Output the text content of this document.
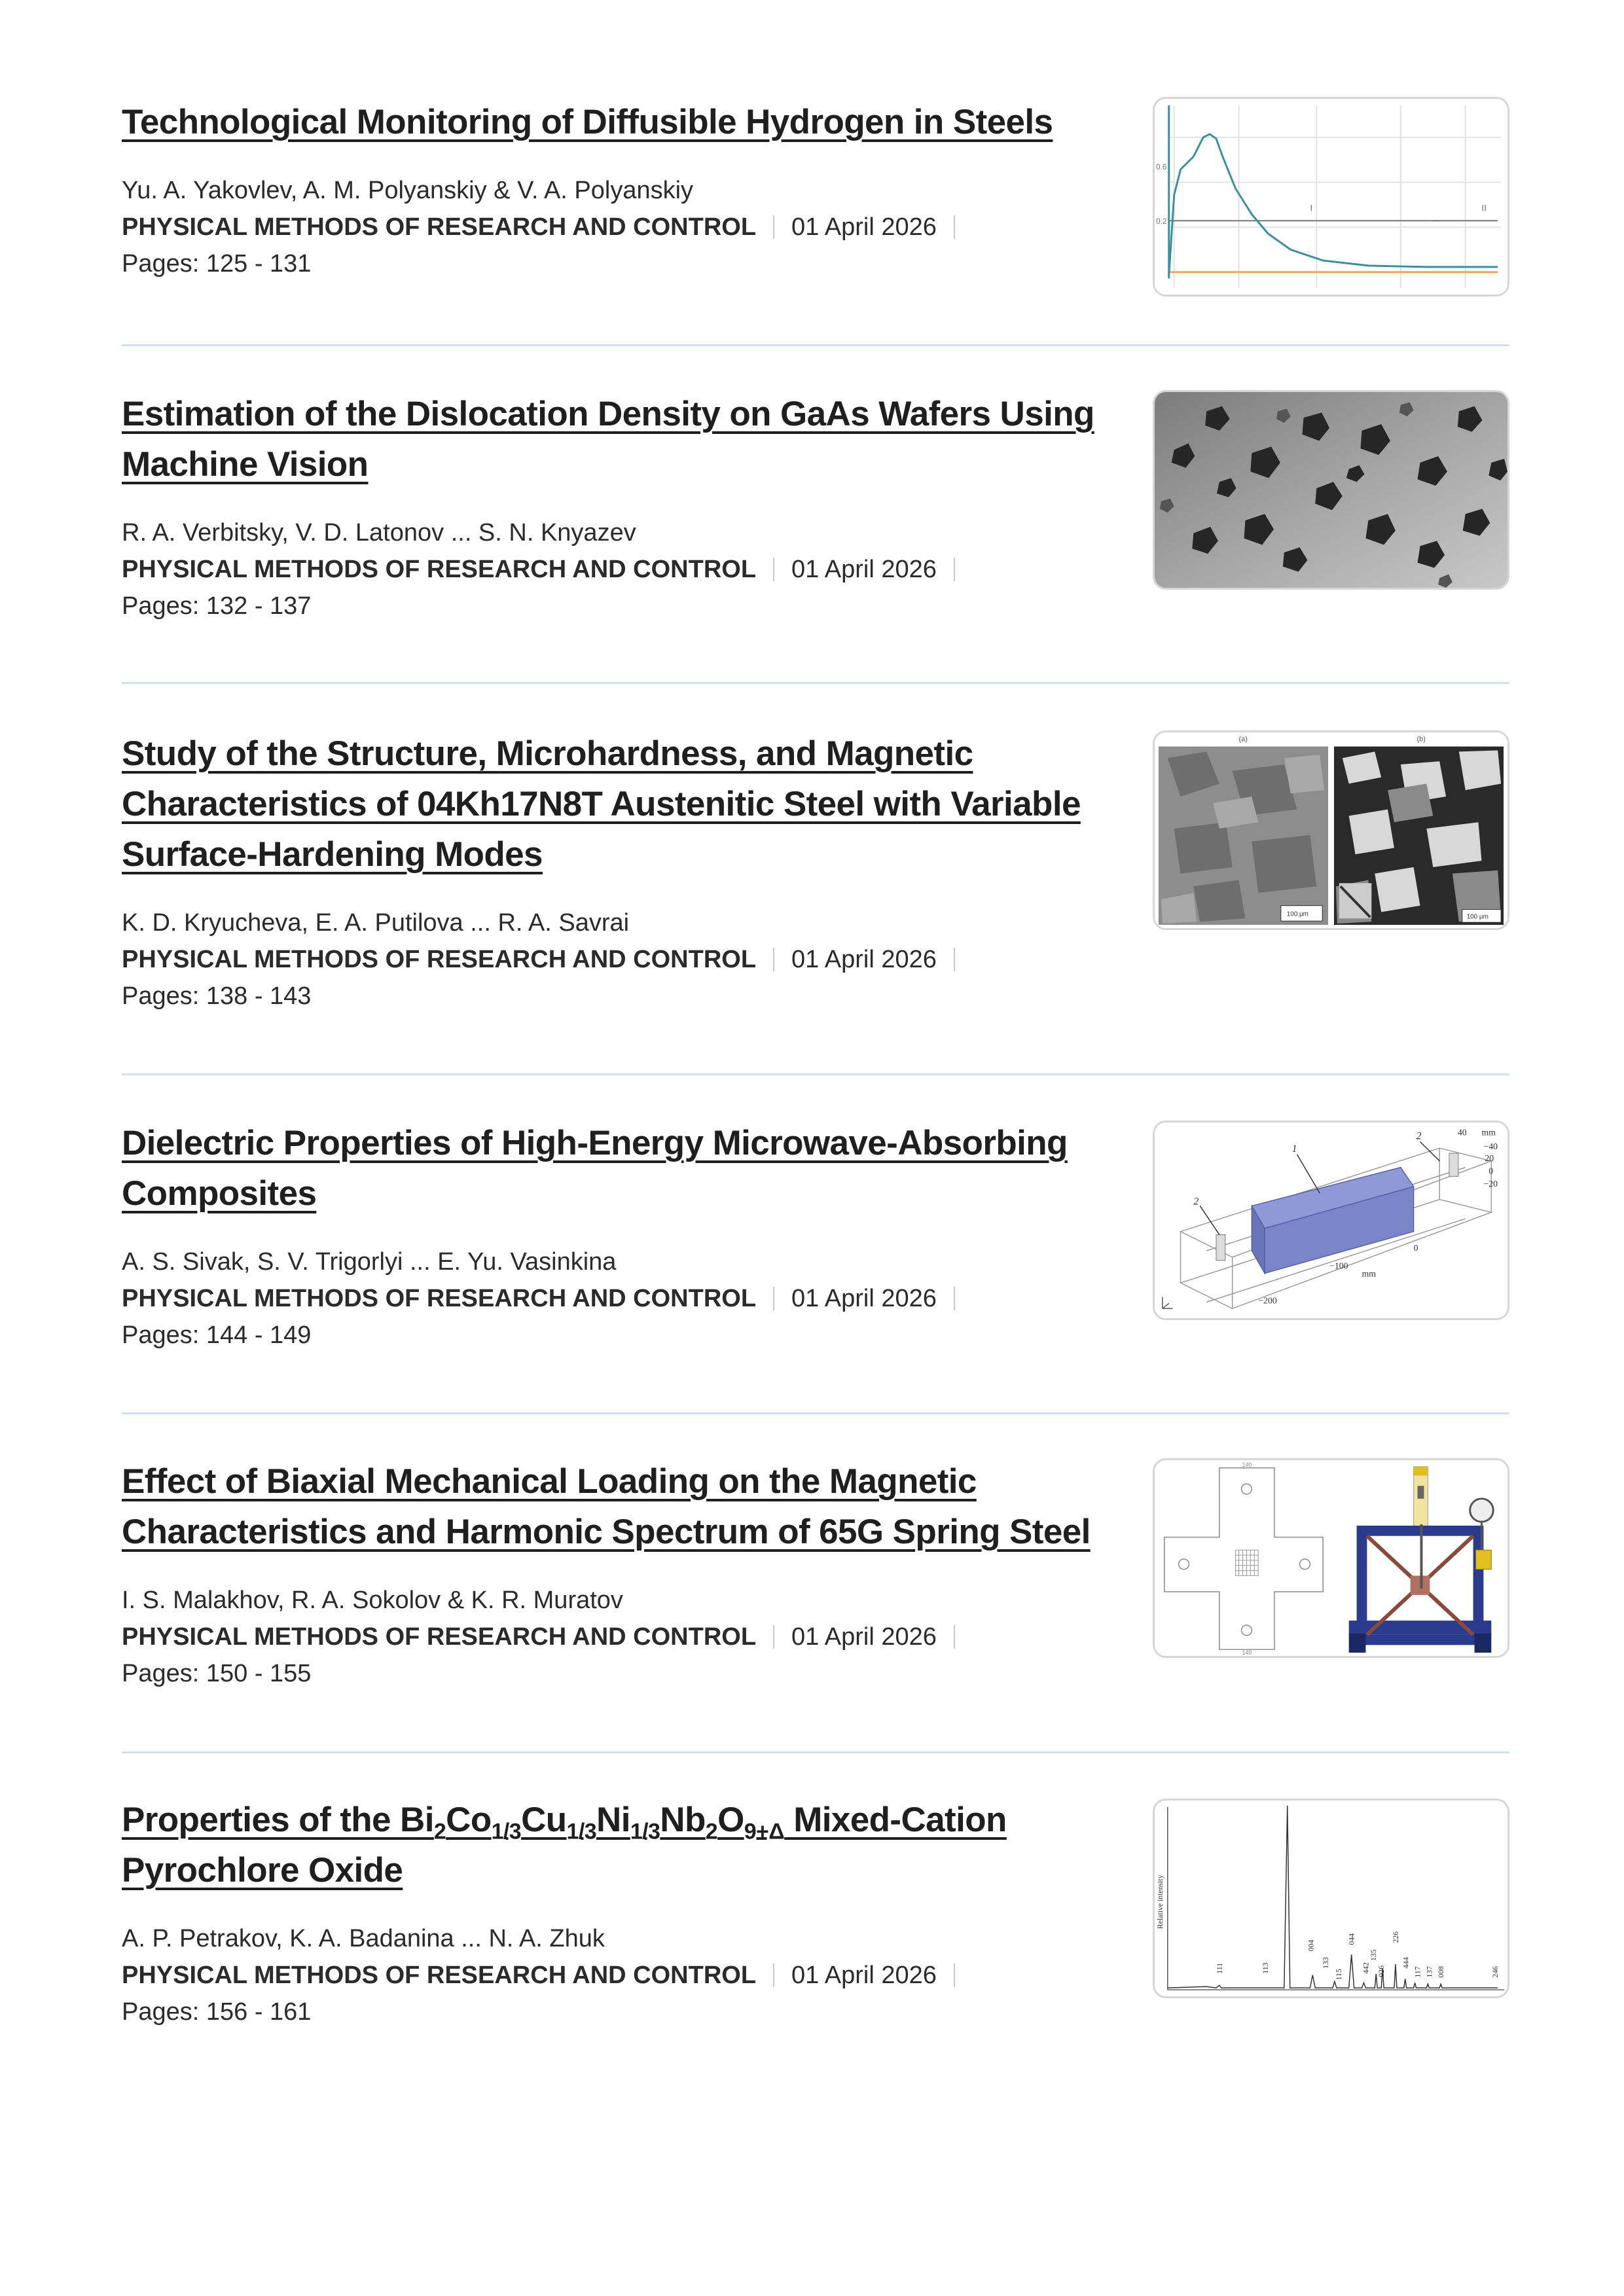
Technological Monitoring of Diffusible Hydrogen in Steels
Yu. A. Yakovlev, A. M. Polyanskiy & V. A. Polyanskiy
PHYSICAL METHODS OF RESEARCH AND CONTROL 01 April 2026
Pages: 125 - 131
I	II
0.6
0.2
Estimation of the Dislocation Density on GaAs Wafers Using Machine Vision
R. A. Verbitsky, V. D. Latonov ... S. N. Knyazev
PHYSICAL METHODS OF RESEARCH AND CONTROL 01 April 2026
Pages: 132 - 137
Study of the Structure, Microhardness, and Magnetic Characteristics of 04Kh17N8T Austenitic Steel with Variable Surface-Hardening Modes
K. D. Kryucheva, E. A. Putilova ... R. A. Savrai
PHYSICAL METHODS OF RESEARCH AND CONTROL 01 April 2026
Pages: 138 - 143
(a)	(b)
100 μm	100 μm
Dielectric Properties of High-Energy Microwave-Absorbing Composites
A. S. Sivak, S. V. Trigorlyi ... E. Yu. Vasinkina
PHYSICAL METHODS OF RESEARCH AND CONTROL 01 April 2026
Pages: 144 - 149
1
2
2	mm
40
20
0
−20
−40
0
−100
mm
−200
Effect of Biaxial Mechanical Loading on the Magnetic Characteristics and Harmonic Spectrum of 65G Spring Steel
I. S. Malakhov, R. A. Sokolov & K. R. Muratov
PHYSICAL METHODS OF RESEARCH AND CONTROL 01 April 2026
Pages: 150 - 155
140
140
Properties of the $Bi_2Co_{1/3}Cu_{1/3}Ni_{1/3}Nb_2O_{9+\Delta}$ Mixed-Cation Pyrochlore Oxide
A. P. Petrakov, K. A. Badanina ... N. A. Zhuk
PHYSICAL METHODS OF RESEARCH AND CONTROL 01 April 2026
Pages: 156 - 161
Relative intensity
111	113
004
133
115
044
442
135
026
226
444
117 137 008	246
